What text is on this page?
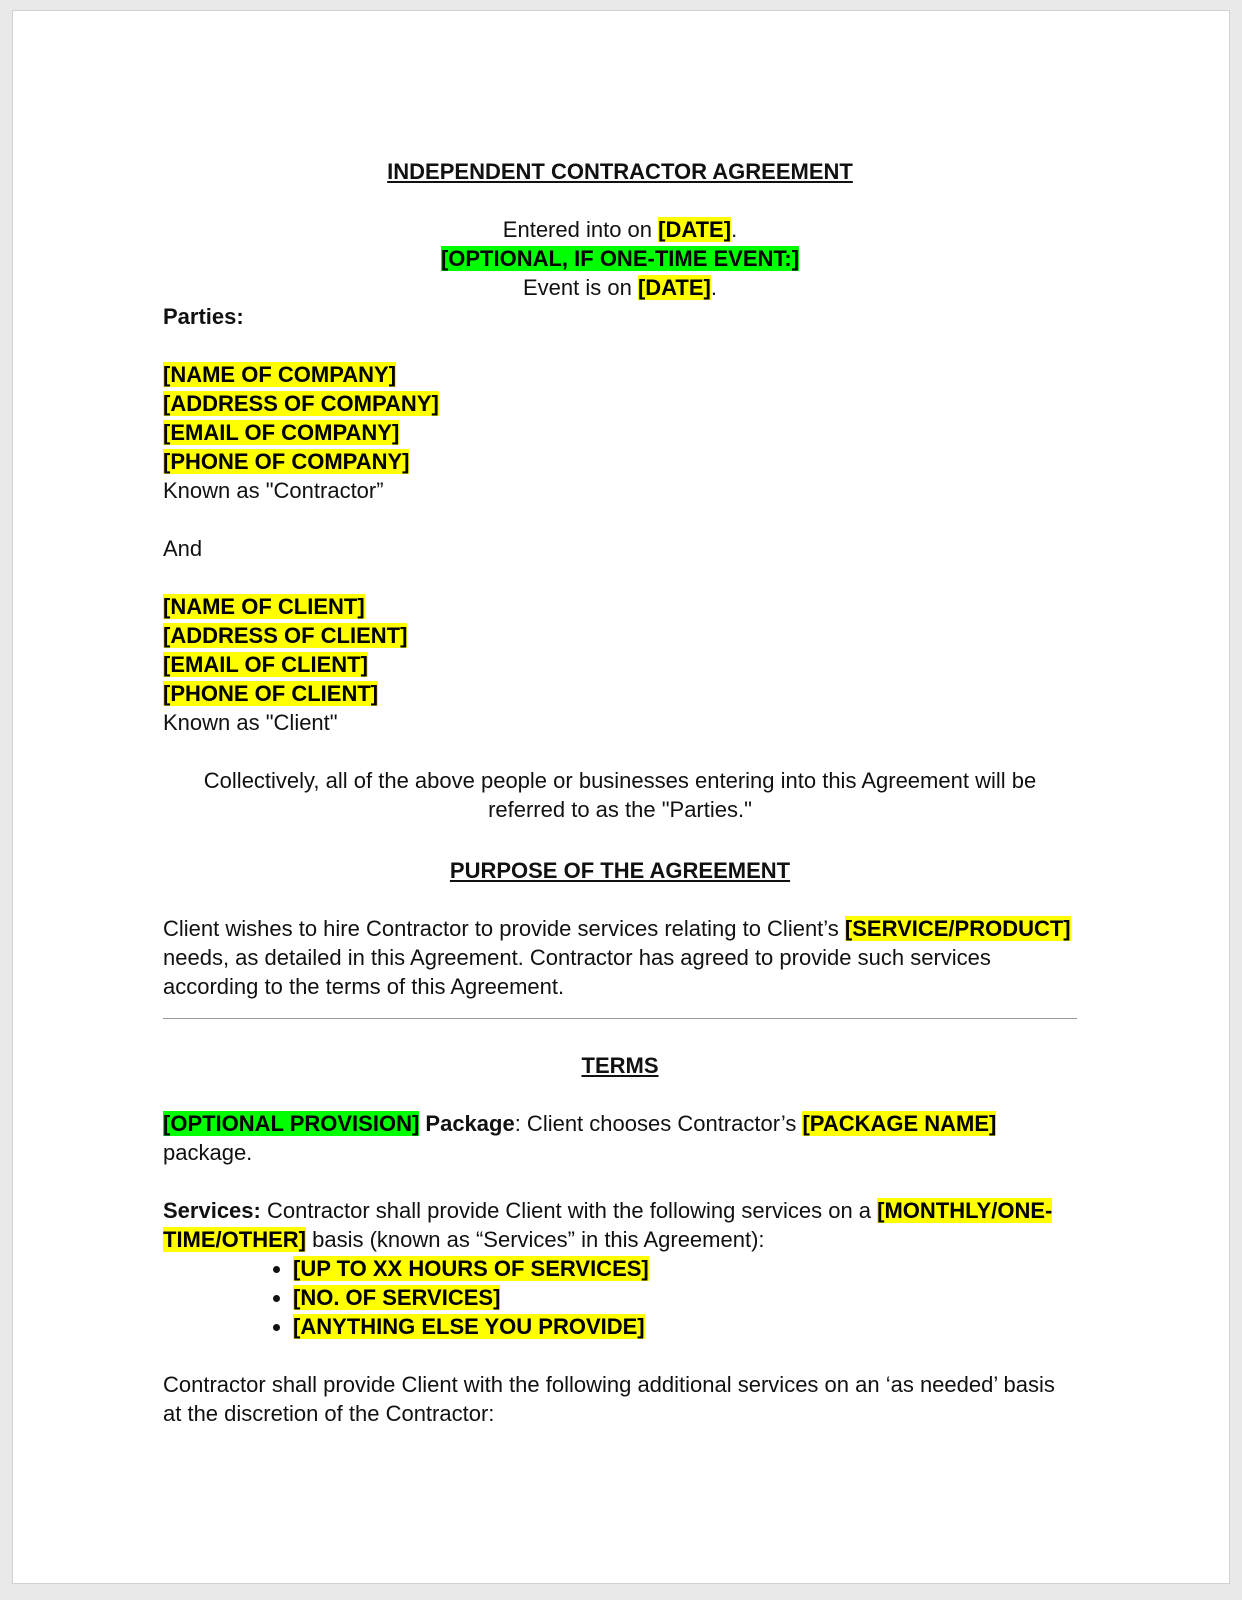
INDEPENDENT CONTRACTOR AGREEMENT

Entered into on [DATE].
[OPTIONAL, IF ONE-TIME EVENT:]
Event is on [DATE].

Parties:

[NAME OF COMPANY]
[ADDRESS OF COMPANY]
[EMAIL OF COMPANY]
[PHONE OF COMPANY]
Known as "Contractor”

And

[NAME OF CLIENT]
[ADDRESS OF CLIENT]
[EMAIL OF CLIENT]
[PHONE OF CLIENT]
Known as "Client"

Collectively, all of the above people or businesses entering into this Agreement will be referred to as the "Parties."

PURPOSE OF THE AGREEMENT

Client wishes to hire Contractor to provide services relating to Client’s [SERVICE/PRODUCT] needs, as detailed in this Agreement. Contractor has agreed to provide such services according to the terms of this Agreement.

TERMS

[OPTIONAL PROVISION] Package: Client chooses Contractor’s [PACKAGE NAME] package.

Services: Contractor shall provide Client with the following services on a [MONTHLY/ONE-TIME/OTHER] basis (known as “Services” in this Agreement):

• [UP TO XX HOURS OF SERVICES]
• [NO. OF SERVICES]
• [ANYTHING ELSE YOU PROVIDE]

Contractor shall provide Client with the following additional services on an ‘as needed’ basis at the discretion of the Contractor:
